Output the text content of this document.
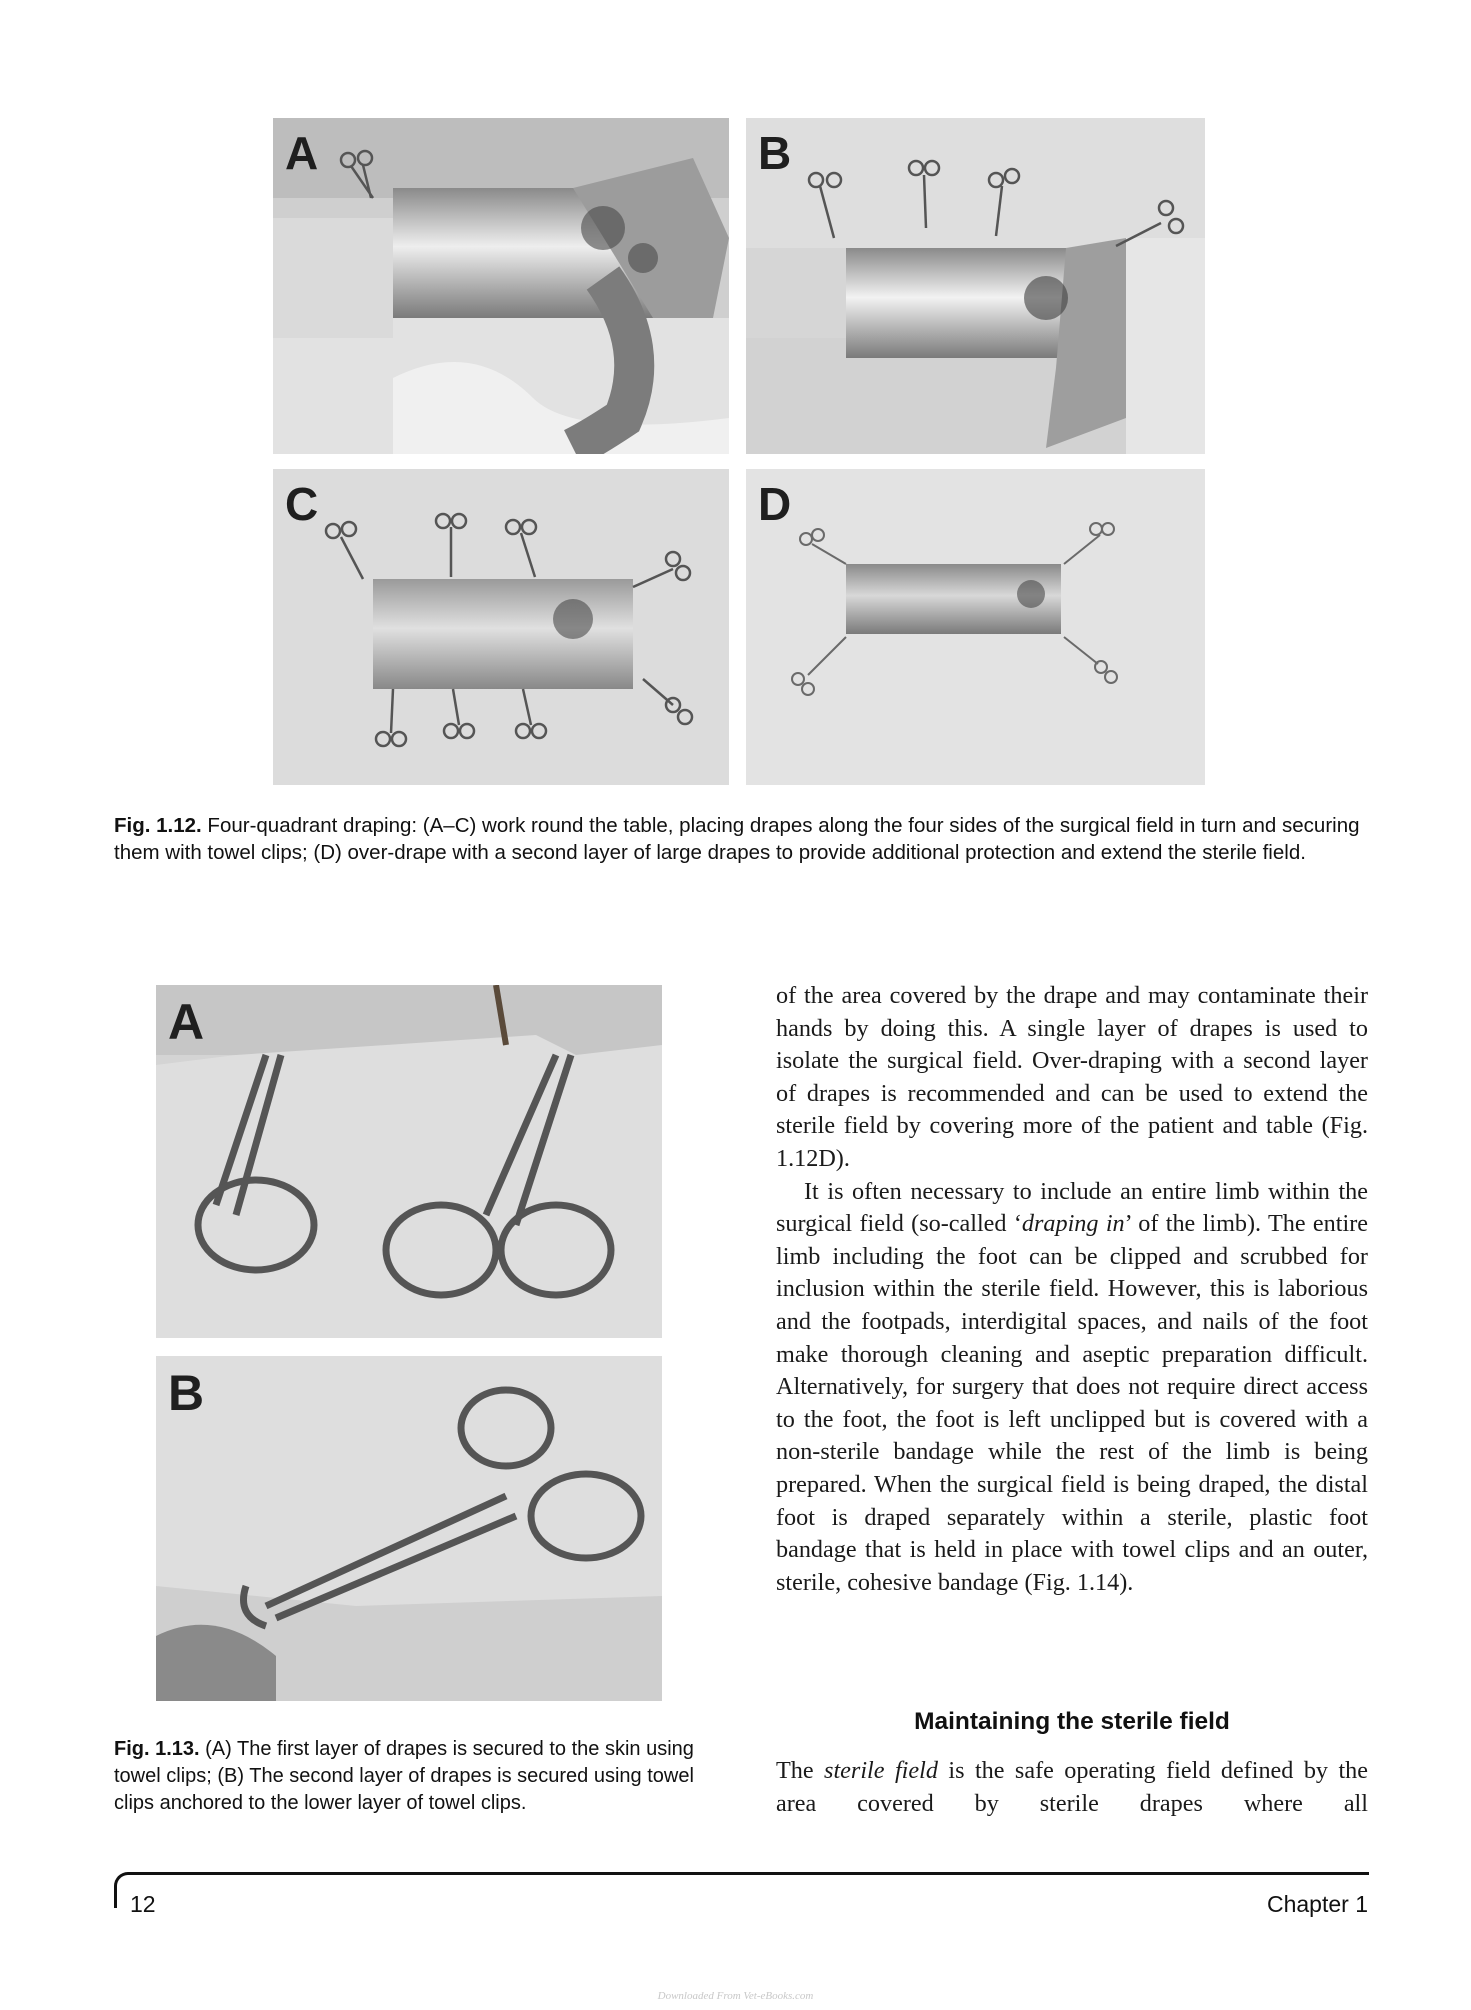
A	B
C	D
Fig. 1.12. Four-quadrant draping: (A–C) work round the table, placing drapes along the four sides of the surgical field in turn and securing them with towel clips; (D) over-drape with a second layer of large drapes to provide additional protection and extend the sterile field.
A
B
Fig. 1.13. (A) The first layer of drapes is secured to the skin using towel clips; (B) The second layer of drapes is secured using towel clips anchored to the lower layer of towel clips.

of the area covered by the drape and may contaminate their hands by doing this. A single layer of drapes is used to isolate the surgical field. Over-draping with a second layer of drapes is recommended and can be used to extend the sterile field by covering more of the patient and table (Fig. 1.12D).

It is often necessary to include an entire limb within the surgical field (so-called ‘draping in’ of the limb). The entire limb including the foot can be clipped and scrubbed for inclusion within the sterile field. However, this is laborious and the footpads, interdigital spaces, and nails of the foot make thorough cleaning and aseptic preparation difficult. Alternatively, for surgery that does not require direct access to the foot, the foot is left unclipped but is covered with a non-sterile bandage while the rest of the limb is being prepared. When the surgical field is being draped, the distal foot is draped separately within a sterile, plastic foot bandage that is held in place with towel clips and an outer, sterile, cohesive bandage (Fig. 1.14).

Maintaining the sterile field
The sterile field is the safe operating field defined by the area covered by sterile drapes where all
12	Chapter 1
Downloaded From Vet-eBooks.com
